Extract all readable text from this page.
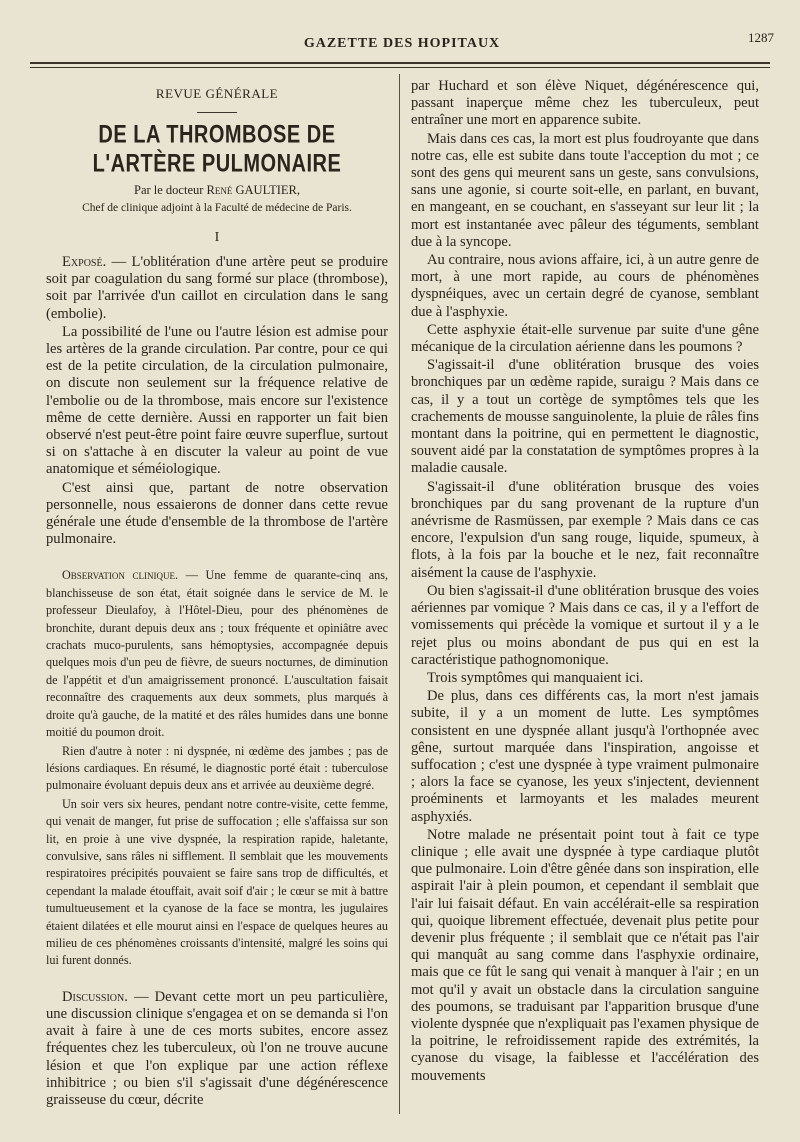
GAZETTE DES HOPITAUX	1287
REVUE GÉNÉRALE
DE LA THROMBOSE DE L'ARTÈRE PULMONAIRE
Par le docteur René GAULTIER,
Chef de clinique adjoint à la Faculté de médecine de Paris.
I

Exposé. — L'oblitération d'une artère peut se produire soit par coagulation du sang formé sur place (thrombose), soit par l'arrivée d'un caillot en circulation dans le sang (embolie).

La possibilité de l'une ou l'autre lésion est admise pour les artères de la grande circulation. Par contre, pour ce qui est de la petite circulation, de la circulation pulmonaire, on discute non seulement sur la fréquence relative de l'embolie ou de la thrombose, mais encore sur l'existence même de cette dernière. Aussi en rapporter un fait bien observé n'est peut-être point faire œuvre superflue, surtout si on s'attache à en discuter la valeur au point de vue anatomique et séméiologique.

C'est ainsi que, partant de notre observation personnelle, nous essaierons de donner dans cette revue générale une étude d'ensemble de la thrombose de l'artère pulmonaire.

Observation clinique. — Une femme de quarante-cinq ans, blanchisseuse de son état, était soignée dans le service de M. le professeur Dieulafoy, à l'Hôtel-Dieu, pour des phénomènes de bronchite, durant depuis deux ans ; toux fréquente et opiniâtre avec crachats muco-purulents, sans hémoptysies, accompagnée depuis quelques mois d'un peu de fièvre, de sueurs nocturnes, de diminution de l'appétit et d'un amaigrissement prononcé. L'auscultation faisait reconnaître des craquements aux deux sommets, plus marqués à droite qu'à gauche, de la matité et des râles humides dans une bonne moitié du poumon droit.

Rien d'autre à noter : ni dyspnée, ni œdème des jambes ; pas de lésions cardiaques. En résumé, le diagnostic porté était : tuberculose pulmonaire évoluant depuis deux ans et arrivée au deuxième degré.

Un soir vers six heures, pendant notre contre-visite, cette femme, qui venait de manger, fut prise de suffocation ; elle s'affaissa sur son lit, en proie à une vive dyspnée, la respiration rapide, haletante, convulsive, sans râles ni sifflement. Il semblait que les mouvements respiratoires précipités pouvaient se faire sans trop de difficultés, et cependant la malade étouffait, avait soif d'air ; le cœur se mit à battre tumultueusement et la cyanose de la face se montra, les jugulaires étaient dilatées et elle mourut ainsi en l'espace de quelques heures au milieu de ces phénomènes croissants d'intensité, malgré les soins qui lui furent donnés.

Discussion. — Devant cette mort un peu particulière, une discussion clinique s'engagea et on se demanda si l'on avait à faire à une de ces morts subites, encore assez fréquentes chez les tuberculeux, où l'on ne trouve aucune lésion et que l'on explique par une action réflexe inhibitrice ; ou bien s'il s'agissait d'une dégénérescence graisseuse du cœur, décrite

par Huchard et son élève Niquet, dégénérescence qui, passant inaperçue même chez les tuberculeux, peut entraîner une mort en apparence subite.

Mais dans ces cas, la mort est plus foudroyante que dans notre cas, elle est subite dans toute l'acception du mot ; ce sont des gens qui meurent sans un geste, sans convulsions, sans une agonie, si courte soit-elle, en parlant, en buvant, en mangeant, en se couchant, en s'asseyant sur leur lit ; la mort est instantanée avec pâleur des téguments, semblant due à la syncope.

Au contraire, nous avions affaire, ici, à un autre genre de mort, à une mort rapide, au cours de phénomènes dyspnéiques, avec un certain degré de cyanose, semblant due à l'asphyxie.

Cette asphyxie était-elle survenue par suite d'une gêne mécanique de la circulation aérienne dans les poumons ?

S'agissait-il d'une oblitération brusque des voies bronchiques par un œdème rapide, suraigu ? Mais dans ce cas, il y a tout un cortège de symptômes tels que les crachements de mousse sanguinolente, la pluie de râles fins montant dans la poitrine, qui en permettent le diagnostic, souvent aidé par la constatation de symptômes propres à la maladie causale.

S'agissait-il d'une oblitération brusque des voies bronchiques par du sang provenant de la rupture d'un anévrisme de Rasmüssen, par exemple ? Mais dans ce cas encore, l'expulsion d'un sang rouge, liquide, spumeux, à flots, à la fois par la bouche et le nez, fait reconnaître aisément la cause de l'asphyxie.

Ou bien s'agissait-il d'une oblitération brusque des voies aériennes par vomique ? Mais dans ce cas, il y a l'effort de vomissements qui précède la vomique et surtout il y a le rejet plus ou moins abondant de pus qui en est la caractéristique pathognomonique.

Trois symptômes qui manquaient ici.

De plus, dans ces différents cas, la mort n'est jamais subite, il y a un moment de lutte. Les symptômes consistent en une dyspnée allant jusqu'à l'orthopnée avec gêne, surtout marquée dans l'inspiration, angoisse et suffocation ; c'est une dyspnée à type vraiment pulmonaire ; alors la face se cyanose, les yeux s'injectent, deviennent proéminents et larmoyants et les malades meurent asphyxiés.

Notre malade ne présentait point tout à fait ce type clinique ; elle avait une dyspnée à type cardiaque plutôt que pulmonaire. Loin d'être gênée dans son inspiration, elle aspirait l'air à plein poumon, et cependant il semblait que l'air lui faisait défaut. En vain accélérait-elle sa respiration qui, quoique librement effectuée, devenait plus petite pour devenir plus fréquente ; il semblait que ce n'était pas l'air qui manquât au sang comme dans l'asphyxie ordinaire, mais que ce fût le sang qui venait à manquer à l'air ; en un mot qu'il y avait un obstacle dans la circulation sanguine des poumons, se traduisant par l'apparition brusque d'une violente dyspnée que n'expliquait pas l'examen physique de la poitrine, le refroidissement rapide des extrémités, la cyanose du visage, la faiblesse et l'accélération des mouvements
